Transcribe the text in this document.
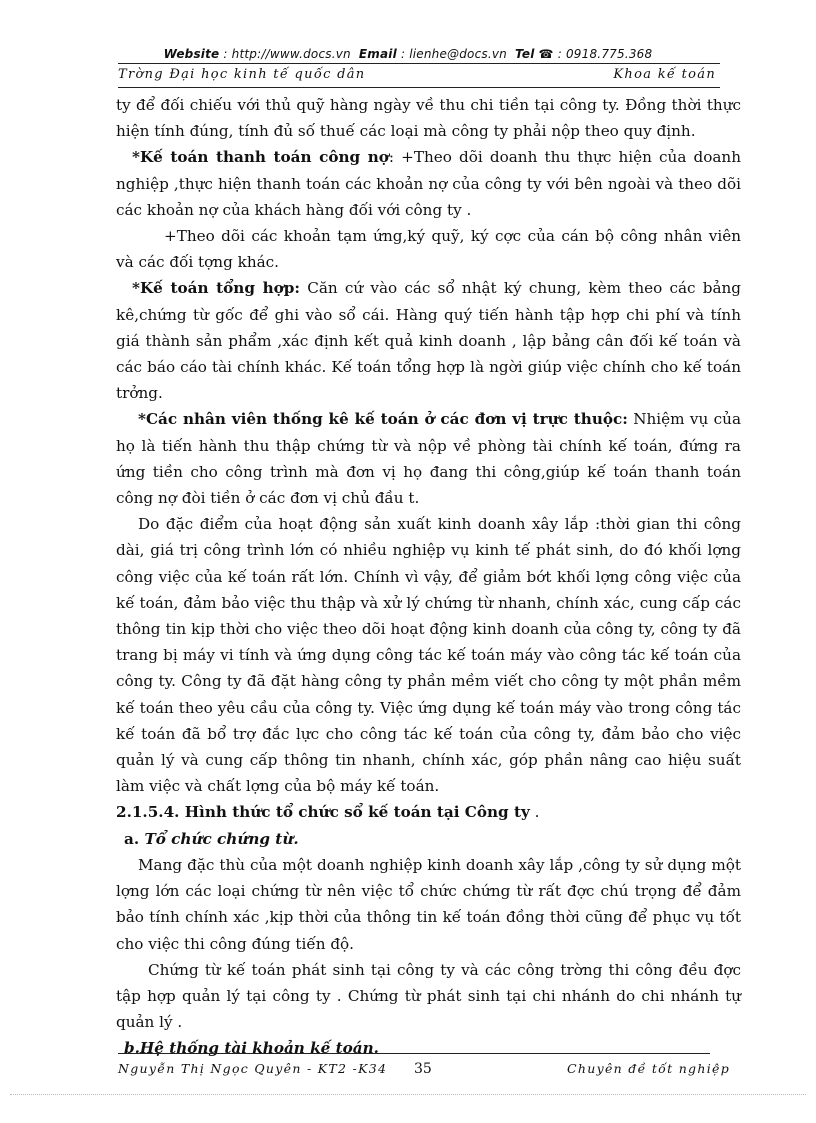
Website : http://www.docs.vn Email : lienhe@docs.vn Tel ☎ : 0918.775.368
Trờng Đại học kinh tế quốc dân	Khoa kế toán

ty để đối chiếu với thủ quỹ hàng ngày về thu chi tiền tại công ty. Đồng thời thực hiện tính đúng, tính đủ số thuế các loại mà công ty phải nộp theo quy định.

*Kế toán thanh toán công nợ: +Theo dõi doanh thu thực hiện của doanh nghiệp ,thực hiện thanh toán các khoản nợ của công ty với bên ngoài và theo dõi các khoản nợ của khách hàng đối với công ty .

+Theo dõi các khoản tạm ứng,ký quỹ, ký cợc của cán bộ công nhân viên và các đối tợng khác.

*Kế toán tổng hợp: Căn cứ vào các sổ nhật ký chung, kèm theo các bảng kê,chứng từ gốc để ghi vào sổ cái. Hàng quý tiến hành tập hợp chi phí và tính giá thành sản phẩm ,xác định kết quả kinh doanh , lập bảng cân đối kế toán và các báo cáo tài chính khác. Kế toán tổng hợp là ngời giúp việc chính cho kế toán trởng.

*Các nhân viên thống kê kế toán ở các đơn vị trực thuộc: Nhiệm vụ của họ là tiến hành thu thập chứng từ và nộp về phòng tài chính kế toán, đứng ra ứng tiền cho công trình mà đơn vị họ đang thi công,giúp kế toán thanh toán công nợ đòi tiền ở các đơn vị chủ đầu t.

Do đặc điểm của hoạt động sản xuất kinh doanh xây lắp :thời gian thi công dài, giá trị công trình lớn có nhiều nghiệp vụ kinh tế phát sinh, do đó khối lợng công việc của kế toán rất lớn. Chính vì vậy, để giảm bớt khối lợng công việc của kế toán, đảm bảo việc thu thập và xử lý chứng từ nhanh, chính xác, cung cấp các thông tin kịp thời cho việc theo dõi hoạt động kinh doanh của công ty, công ty đã trang bị máy vi tính và ứng dụng công tác kế toán máy vào công tác kế toán của công ty. Công ty đã đặt hàng công ty phần mềm viết cho công ty một phần mềm kế toán theo yêu cầu của công ty. Việc ứng dụng kế toán máy vào trong công tác kế toán đã bổ trợ đắc lực cho công tác kế toán của công ty, đảm bảo cho việc quản lý và cung cấp thông tin nhanh, chính xác, góp phần nâng cao hiệu suất làm việc và chất lợng của bộ máy kế toán.

2.1.5.4. Hình thức tổ chức sổ kế toán tại Công ty .

a. Tổ chức chứng từ.

Mang đặc thù của một doanh nghiệp kinh doanh xây lắp ,công ty sử dụng một lợng lớn các loại chứng từ nên việc tổ chức chứng từ rất đợc chú trọng để đảm bảo tính chính xác ,kịp thời của thông tin kế toán đồng thời cũng để phục vụ tốt cho việc thi công đúng tiến độ.

Chứng từ kế toán phát sinh tại công ty và các công trờng thi công đều đợc tập hợp quản lý tại công ty . Chứng từ phát sinh tại chi nhánh do chi nhánh tự quản lý .

b.Hệ thống tài khoản kế toán.

Nguyễn Thị Ngọc Quyên - KT2 -K34 35	Chuyên đề tốt nghiệp
